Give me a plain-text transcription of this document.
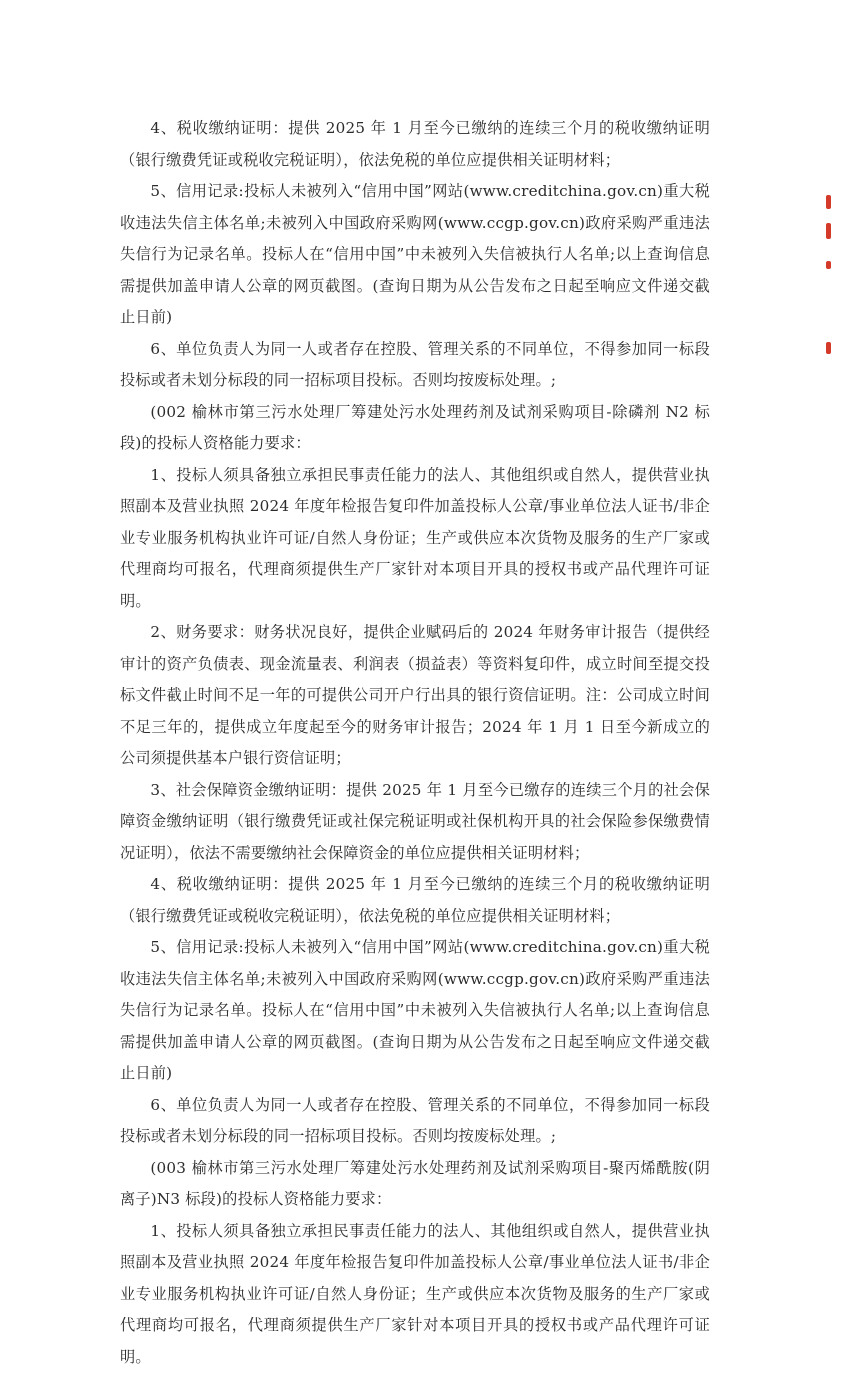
4、税收缴纳证明：提供 2025 年 1 月至今已缴纳的连续三个月的税收缴纳证明（银行缴费凭证或税收完税证明），依法免税的单位应提供相关证明材料；

5、信用记录:投标人未被列入“信用中国”网站(www.creditchina.gov.cn)重大税收违法失信主体名单;未被列入中国政府采购网(www.ccgp.gov.cn)政府采购严重违法失信行为记录名单。投标人在“信用中国”中未被列入失信被执行人名单;以上查询信息需提供加盖申请人公章的网页截图。(查询日期为从公告发布之日起至响应文件递交截止日前)

6、单位负责人为同一人或者存在控股、管理关系的不同单位，不得参加同一标段投标或者未划分标段的同一招标项目投标。否则均按废标处理。;

(002 榆林市第三污水处理厂筹建处污水处理药剂及试剂采购项目-除磷剂 N2 标段)的投标人资格能力要求：

1、投标人须具备独立承担民事责任能力的法人、其他组织或自然人，提供营业执照副本及营业执照 2024 年度年检报告复印件加盖投标人公章/事业单位法人证书/非企业专业服务机构执业许可证/自然人身份证；生产或供应本次货物及服务的生产厂家或代理商均可报名，代理商须提供生产厂家针对本项目开具的授权书或产品代理许可证明。

2、财务要求：财务状况良好，提供企业赋码后的 2024 年财务审计报告（提供经审计的资产负债表、现金流量表、利润表（损益表）等资料复印件，成立时间至提交投标文件截止时间不足一年的可提供公司开户行出具的银行资信证明。注：公司成立时间不足三年的，提供成立年度起至今的财务审计报告；2024 年 1 月 1 日至今新成立的公司须提供基本户银行资信证明；

3、社会保障资金缴纳证明：提供 2025 年 1 月至今已缴存的连续三个月的社会保障资金缴纳证明（银行缴费凭证或社保完税证明或社保机构开具的社会保险参保缴费情况证明），依法不需要缴纳社会保障资金的单位应提供相关证明材料；

4、税收缴纳证明：提供 2025 年 1 月至今已缴纳的连续三个月的税收缴纳证明（银行缴费凭证或税收完税证明），依法免税的单位应提供相关证明材料；

5、信用记录:投标人未被列入“信用中国”网站(www.creditchina.gov.cn)重大税收违法失信主体名单;未被列入中国政府采购网(www.ccgp.gov.cn)政府采购严重违法失信行为记录名单。投标人在“信用中国”中未被列入失信被执行人名单;以上查询信息需提供加盖申请人公章的网页截图。(查询日期为从公告发布之日起至响应文件递交截止日前)

6、单位负责人为同一人或者存在控股、管理关系的不同单位，不得参加同一标段投标或者未划分标段的同一招标项目投标。否则均按废标处理。;

(003 榆林市第三污水处理厂筹建处污水处理药剂及试剂采购项目-聚丙烯酰胺(阴离子)N3 标段)的投标人资格能力要求：

1、投标人须具备独立承担民事责任能力的法人、其他组织或自然人，提供营业执照副本及营业执照 2024 年度年检报告复印件加盖投标人公章/事业单位法人证书/非企业专业服务机构执业许可证/自然人身份证；生产或供应本次货物及服务的生产厂家或代理商均可报名，代理商须提供生产厂家针对本项目开具的授权书或产品代理许可证明。
